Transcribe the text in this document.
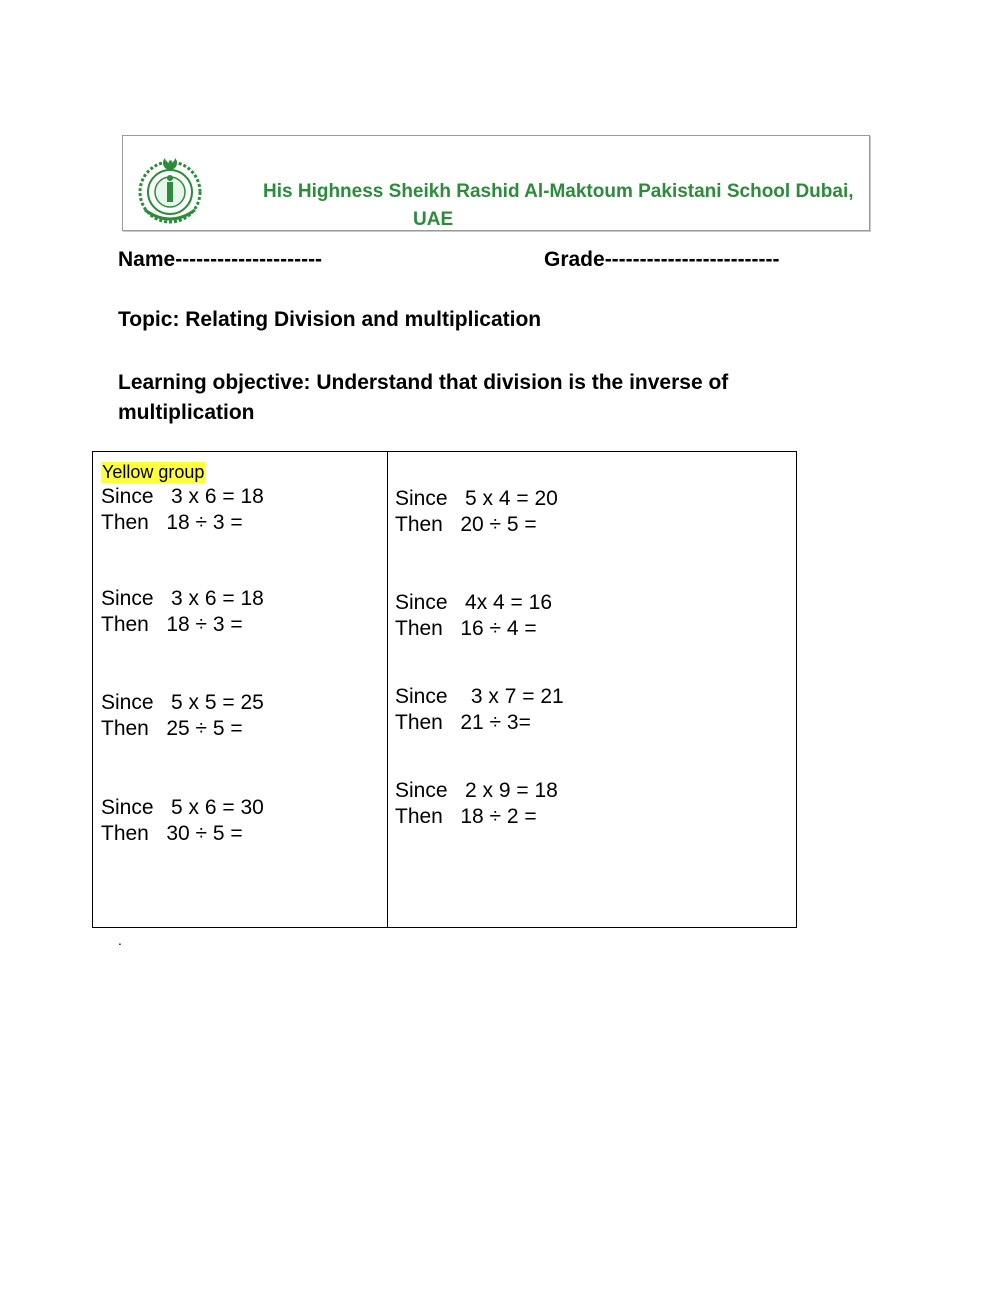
His Highness Sheikh Rashid Al-Maktoum Pakistani School Dubai,
UAE
Name---------------------	Grade-------------------------
Topic: Relating Division and multiplication
Learning objective: Understand that division is the inverse of multiplication
Yellow group
Since   3 x 6 = 18
Then   18 ÷ 3 =
Since   3 x 6 = 18
Then   18 ÷ 3 =
Since   5 x 5 = 25
Then   25 ÷ 5 =
Since   5 x 6 = 30
Then   30 ÷ 5 =
Since   5 x 4 = 20
Then   20 ÷ 5 =
Since   4x 4 = 16
Then   16 ÷ 4 =
Since    3 x 7 = 21
Then   21 ÷ 3=
Since   2 x 9 = 18
Then   18 ÷ 2 =
.
